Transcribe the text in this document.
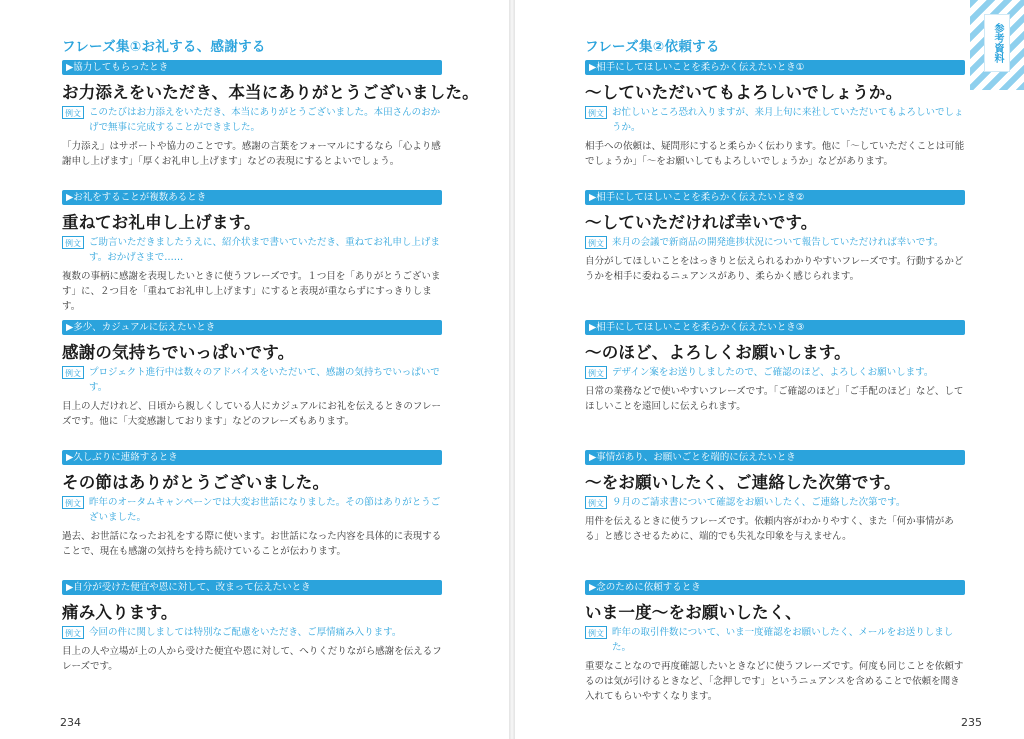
フレーズ集①お礼する、感謝する
▶協力してもらったとき
お力添えをいただき、本当にありがとうございました。
例文 このたびはお力添えをいただき、本当にありがとうございました。本田さんのおかげで無事に完成することができました。
「力添え」はサポートや協力のことです。感謝の言葉をフォーマルにするなら「心より感謝申し上げます」「厚くお礼申し上げます」などの表現にするとよいでしょう。
▶お礼をすることが複数あるとき
重ねてお礼申し上げます。
例文 ご助言いただきましたうえに、紹介状まで書いていただき、重ねてお礼申し上げます。おかげさまで……
複数の事柄に感謝を表現したいときに使うフレーズです。１つ目を「ありがとうございます」に、２つ目を「重ねてお礼申し上げます」にすると表現が重ならずにすっきりします。
▶多少、カジュアルに伝えたいとき
感謝の気持ちでいっぱいです。
例文 プロジェクト進行中は数々のアドバイスをいただいて、感謝の気持ちでいっぱいです。
目上の人だけれど、日頃から親しくしている人にカジュアルにお礼を伝えるときのフレーズです。他に「大変感謝しております」などのフレーズもあります。
▶久しぶりに連絡するとき
その節はありがとうございました。
例文 昨年のオータムキャンペーンでは大変お世話になりました。その節はありがとうございました。
過去、お世話になったお礼をする際に使います。お世話になった内容を具体的に表現することで、現在も感謝の気持ちを持ち続けていることが伝わります。
▶自分が受けた便宜や恩に対して、改まって伝えたいとき
痛み入ります。
例文 今回の件に関しましては特別なご配慮をいただき、ご厚情痛み入ります。
目上の人や立場が上の人から受けた便宜や恩に対して、へりくだりながら感謝を伝えるフレーズです。
234
参考資料
フレーズ集②依頼する
▶相手にしてほしいことを柔らかく伝えたいとき①
〜していただいてもよろしいでしょうか。
例文 お忙しいところ恐れ入りますが、来月上旬に来社していただいてもよろしいでしょうか。
相手への依頼は、疑問形にすると柔らかく伝わります。他に「〜していただくことは可能でしょうか」「〜をお願いしてもよろしいでしょうか」などがあります。
▶相手にしてほしいことを柔らかく伝えたいとき②
〜していただければ幸いです。
例文 来月の会議で新商品の開発進捗状況について報告していただければ幸いです。
自分がしてほしいことをはっきりと伝えられるわかりやすいフレーズです。行動するかどうかを相手に委ねるニュアンスがあり、柔らかく感じられます。
▶相手にしてほしいことを柔らかく伝えたいとき③
〜のほど、よろしくお願いします。
例文 デザイン案をお送りしましたので、ご確認のほど、よろしくお願いします。
日常の業務などで使いやすいフレーズです。「ご確認のほど」「ご手配のほど」など、してほしいことを遠回しに伝えられます。
▶事情があり、お願いごとを端的に伝えたいとき
〜をお願いしたく、ご連絡した次第です。
例文 ９月のご請求書について確認をお願いしたく、ご連絡した次第です。
用件を伝えるときに使うフレーズです。依頼内容がわかりやすく、また「何か事情がある」と感じさせるために、端的でも失礼な印象を与えません。
▶念のために依頼するとき
いま一度〜をお願いしたく、
例文 昨年の取引件数について、いま一度確認をお願いしたく、メールをお送りしました。
重要なことなので再度確認したいときなどに使うフレーズです。何度も同じことを依頼するのは気が引けるときなど、「念押しです」というニュアンスを含めることで依頼を聞き入れてもらいやすくなります。
235
